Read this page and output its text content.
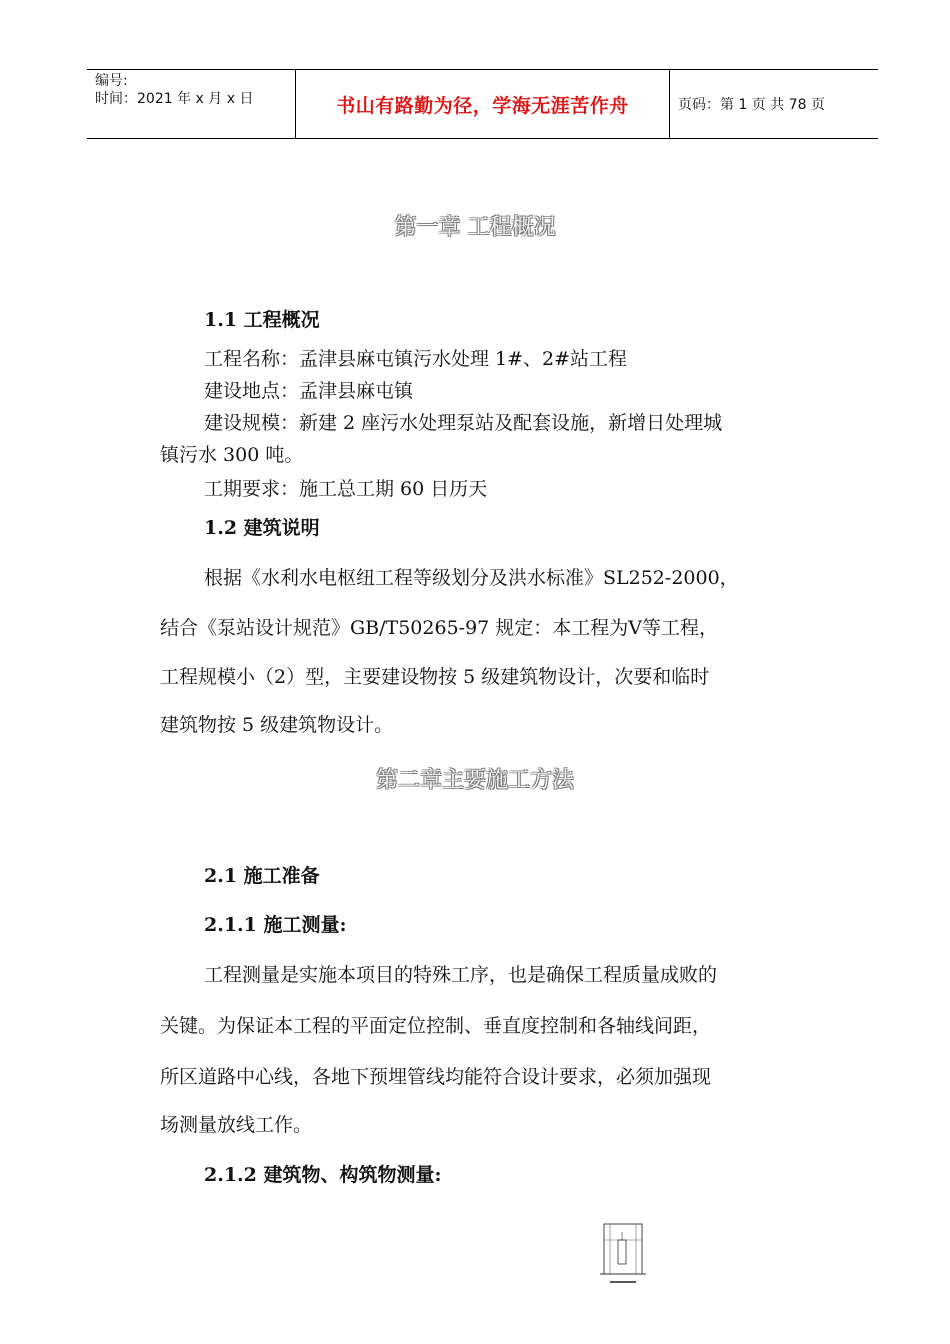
编号:
时间：2021 年 x 月 x 日	书山有路勤为径，学海无涯苦作舟	页码：第 1 页 共 78 页
第一章 工程概况
1.1 工程概况
工程名称：孟津县麻屯镇污水处理 1#、2#站工程
建设地点：孟津县麻屯镇
建设规模：新建 2 座污水处理泵站及配套设施，新增日处理城
镇污水 300 吨。
工期要求：施工总工期 60 日历天
1.2 建筑说明
根据《水利水电枢纽工程等级划分及洪水标准》SL252-2000，
结合《泵站设计规范》GB/T50265-97 规定：本工程为Ⅴ等工程，
工程规模小（2）型，主要建设物按 5 级建筑物设计，次要和临时
建筑物按 5 级建筑物设计。
第二章主要施工方法
2.1 施工准备
2.1.1 施工测量:
工程测量是实施本项目的特殊工序，也是确保工程质量成败的
关键。为保证本工程的平面定位控制、垂直度控制和各轴线间距，
所区道路中心线，各地下预埋管线均能符合设计要求，必须加强现
场测量放线工作。
2.1.2 建筑物、构筑物测量:
